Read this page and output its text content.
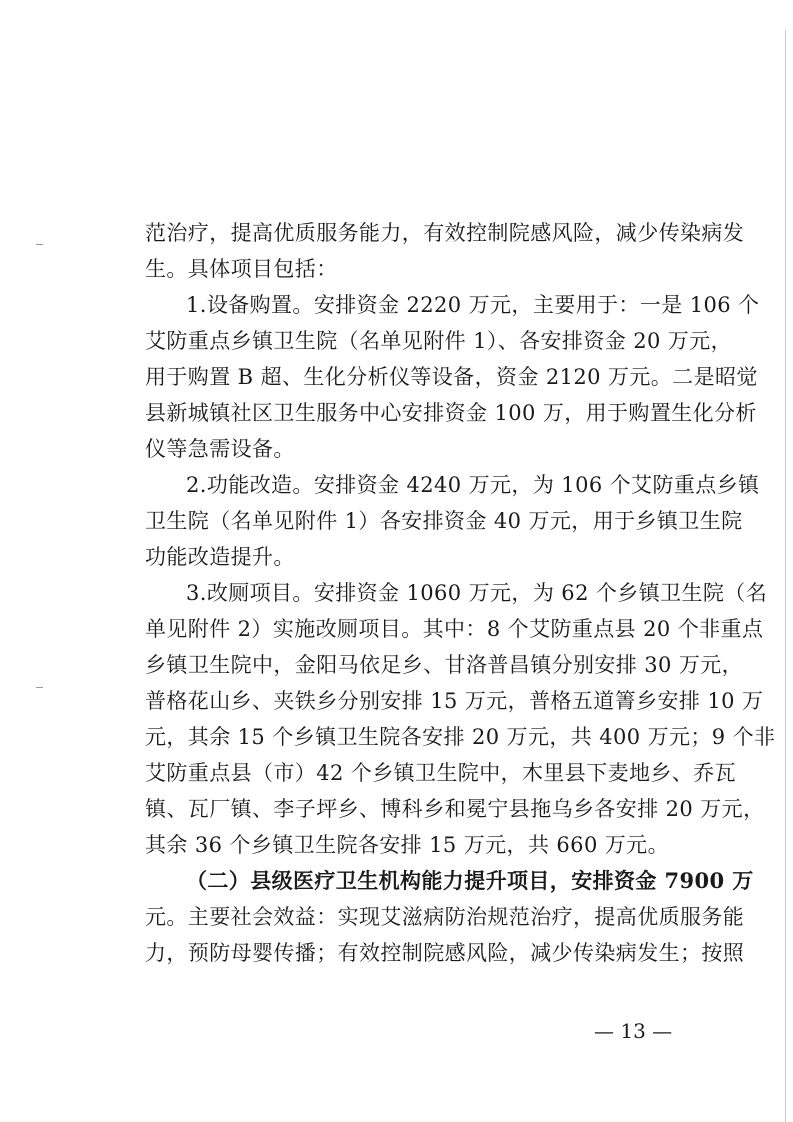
范治疗，提高优质服务能力，有效控制院感风险，减少传染病发
生。具体项目包括：
1.设备购置。安排资金 2220 万元，主要用于：一是 106 个
艾防重点乡镇卫生院（名单见附件 1）、各安排资金 20 万元，
用于购置 B 超、生化分析仪等设备，资金 2120 万元。二是昭觉
县新城镇社区卫生服务中心安排资金 100 万，用于购置生化分析
仪等急需设备。
2.功能改造。安排资金 4240 万元，为 106 个艾防重点乡镇
卫生院（名单见附件 1）各安排资金 40 万元，用于乡镇卫生院
功能改造提升。
3.改厕项目。安排资金 1060 万元，为 62 个乡镇卫生院（名
单见附件 2）实施改厕项目。其中：8 个艾防重点县 20 个非重点
乡镇卫生院中，金阳马依足乡、甘洛普昌镇分别安排 30 万元，
普格花山乡、夹铁乡分别安排 15 万元，普格五道箐乡安排 10 万
元，其余 15 个乡镇卫生院各安排 20 万元，共 400 万元；9 个非
艾防重点县（市）42 个乡镇卫生院中，木里县下麦地乡、乔瓦
镇、瓦厂镇、李子坪乡、博科乡和冕宁县拖乌乡各安排 20 万元，
其余 36 个乡镇卫生院各安排 15 万元，共 660 万元。
（二）县级医疗卫生机构能力提升项目，安排资金 7900 万
元。主要社会效益：实现艾滋病防治规范治疗，提高优质服务能
力，预防母婴传播；有效控制院感风险，减少传染病发生；按照
— 13 —
